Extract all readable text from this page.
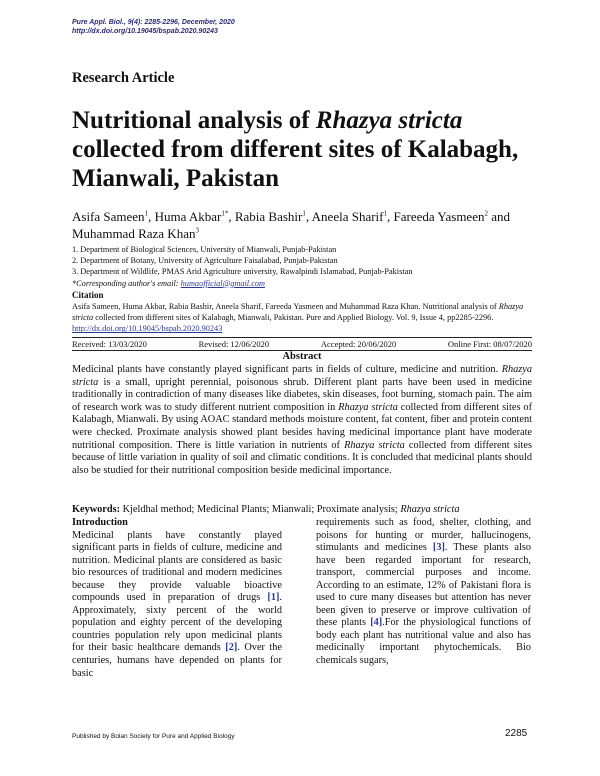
Pure Appl. Biol., 9(4): 2285-2296, December, 2020
http://dx.doi.org/10.19045/bspab.2020.90243
Research Article
Nutritional analysis of Rhazya stricta collected from different sites of Kalabagh, Mianwali, Pakistan
Asifa Sameen$^1$, Huma Akbar$^{1*}$, Rabia Bashir$^1$, Aneela Sharif$^1$, Fareeda Yasmeen$^2$ and Muhammad Raza Khan$^3$
1. Department of Biological Sciences, University of Mianwali, Punjab-Pakistan
2. Department of Botany, University of Agriculture Faisalabad, Punjab-Pakistan
3. Department of Wildlife, PMAS Arid Agriculture university, Rawalpindi Islamabad, Punjab-Pakistan
*Corresponding author's email: humaofficial@gmail.com
Citation
Asifa Sameen, Huma Akbar, Rabia Bashir, Aneela Sharif, Fareeda Yasmeen and Muhammad Raza Khan. Nutritional analysis of Rhazya stricta collected from different sites of Kalabagh, Mianwali, Pakistan. Pure and Applied Biology. Vol. 9, Issue 4, pp2285-2296. http://dx.doi.org/10.19045/bspab.2020.90243
Received: 13/03/2020	Revised: 12/06/2020	Accepted: 20/06/2020	Online First: 08/07/2020
Abstract
Medicinal plants have constantly played significant parts in fields of culture, medicine and nutrition. Rhazya stricta is a small, upright perennial, poisonous shrub. Different plant parts have been used in medicine traditionally in contradiction of many diseases like diabetes, skin diseases, foot burning, stomach pain. The aim of research work was to study different nutrient composition in Rhazya stricta collected from different sites of Kalabagh, Mianwali. By using AOAC standard methods moisture content, fat content, fiber and protein content were checked. Proximate analysis showed plant besides having medicinal importance plant have moderate nutritional composition. There is little variation in nutrients of Rhazya stricta collected from different sites because of little variation in quality of soil and climatic conditions. It is concluded that medicinal plants should also be studied for their nutritional composition beside medicinal importance.
Keywords: Kjeldhal method; Medicinal Plants; Mianwali; Proximate analysis; Rhazya stricta
Introduction
Medicinal plants have constantly played significant parts in fields of culture, medicine and nutrition. Medicinal plants are considered as basic bio resources of traditional and modern medicines because they provide valuable bioactive compounds used in preparation of drugs [1]. Approximately, sixty percent of the world population and eighty percent of the developing countries population rely upon medicinal plants for their basic healthcare demands [2]. Over the centuries, humans have depended on plants for basic
requirements such as food, shelter, clothing, and poisons for hunting or murder, hallucinogens, stimulants and medicines [3]. These plants also have been regarded important for research, transport, commercial purposes and income. According to an estimate, 12% of Pakistani flora is used to cure many diseases but attention has never been given to preserve or improve cultivation of these plants [4].For the physiological functions of body each plant has nutritional value and also has medicinally important phytochemicals. Bio chemicals sugars,
Published by Bolan Society for Pure and Applied Biology	2285
